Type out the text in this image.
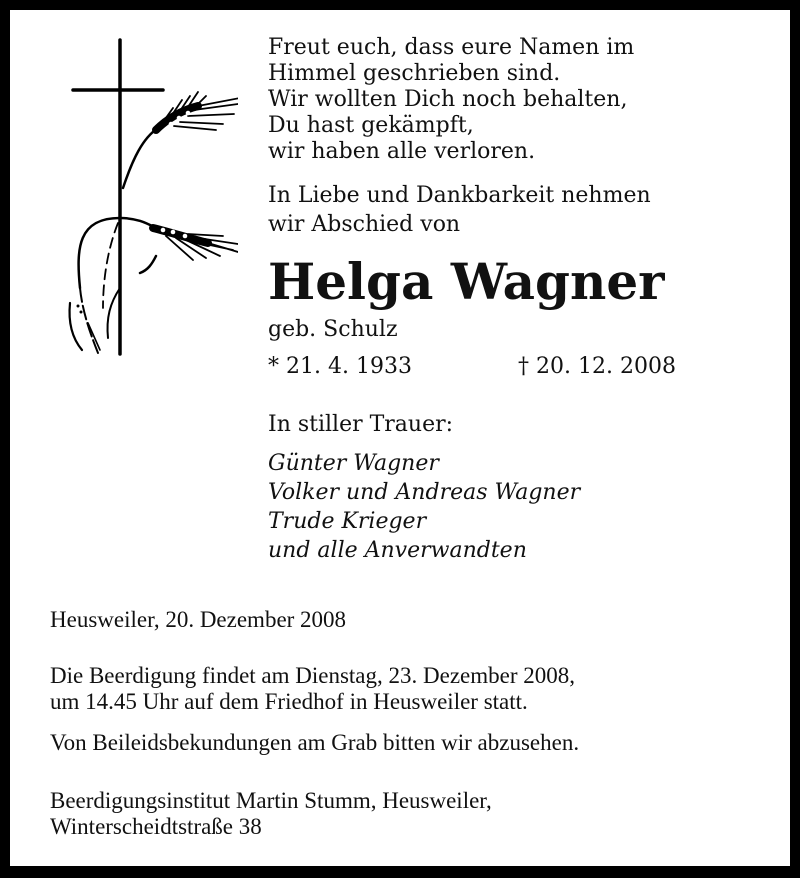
Freut euch, dass eure Namen im
Himmel geschrieben sind.
Wir wollten Dich noch behalten,
Du hast gekämpft,
wir haben alle verloren.
In Liebe und Dankbarkeit nehmen
wir Abschied von
Helga Wagner
geb. Schulz
* 21. 4. 1933	† 20. 12. 2008
In stiller Trauer:
Günter Wagner
Volker und Andreas Wagner
Trude Krieger
und alle Anverwandten
Heusweiler, 20. Dezember 2008
Die Beerdigung findet am Dienstag, 23. Dezember 2008,
um 14.45 Uhr auf dem Friedhof in Heusweiler statt.
Von Beileidsbekundungen am Grab bitten wir abzusehen.
Beerdigungsinstitut Martin Stumm, Heusweiler,
Winterscheidtstraße 38
